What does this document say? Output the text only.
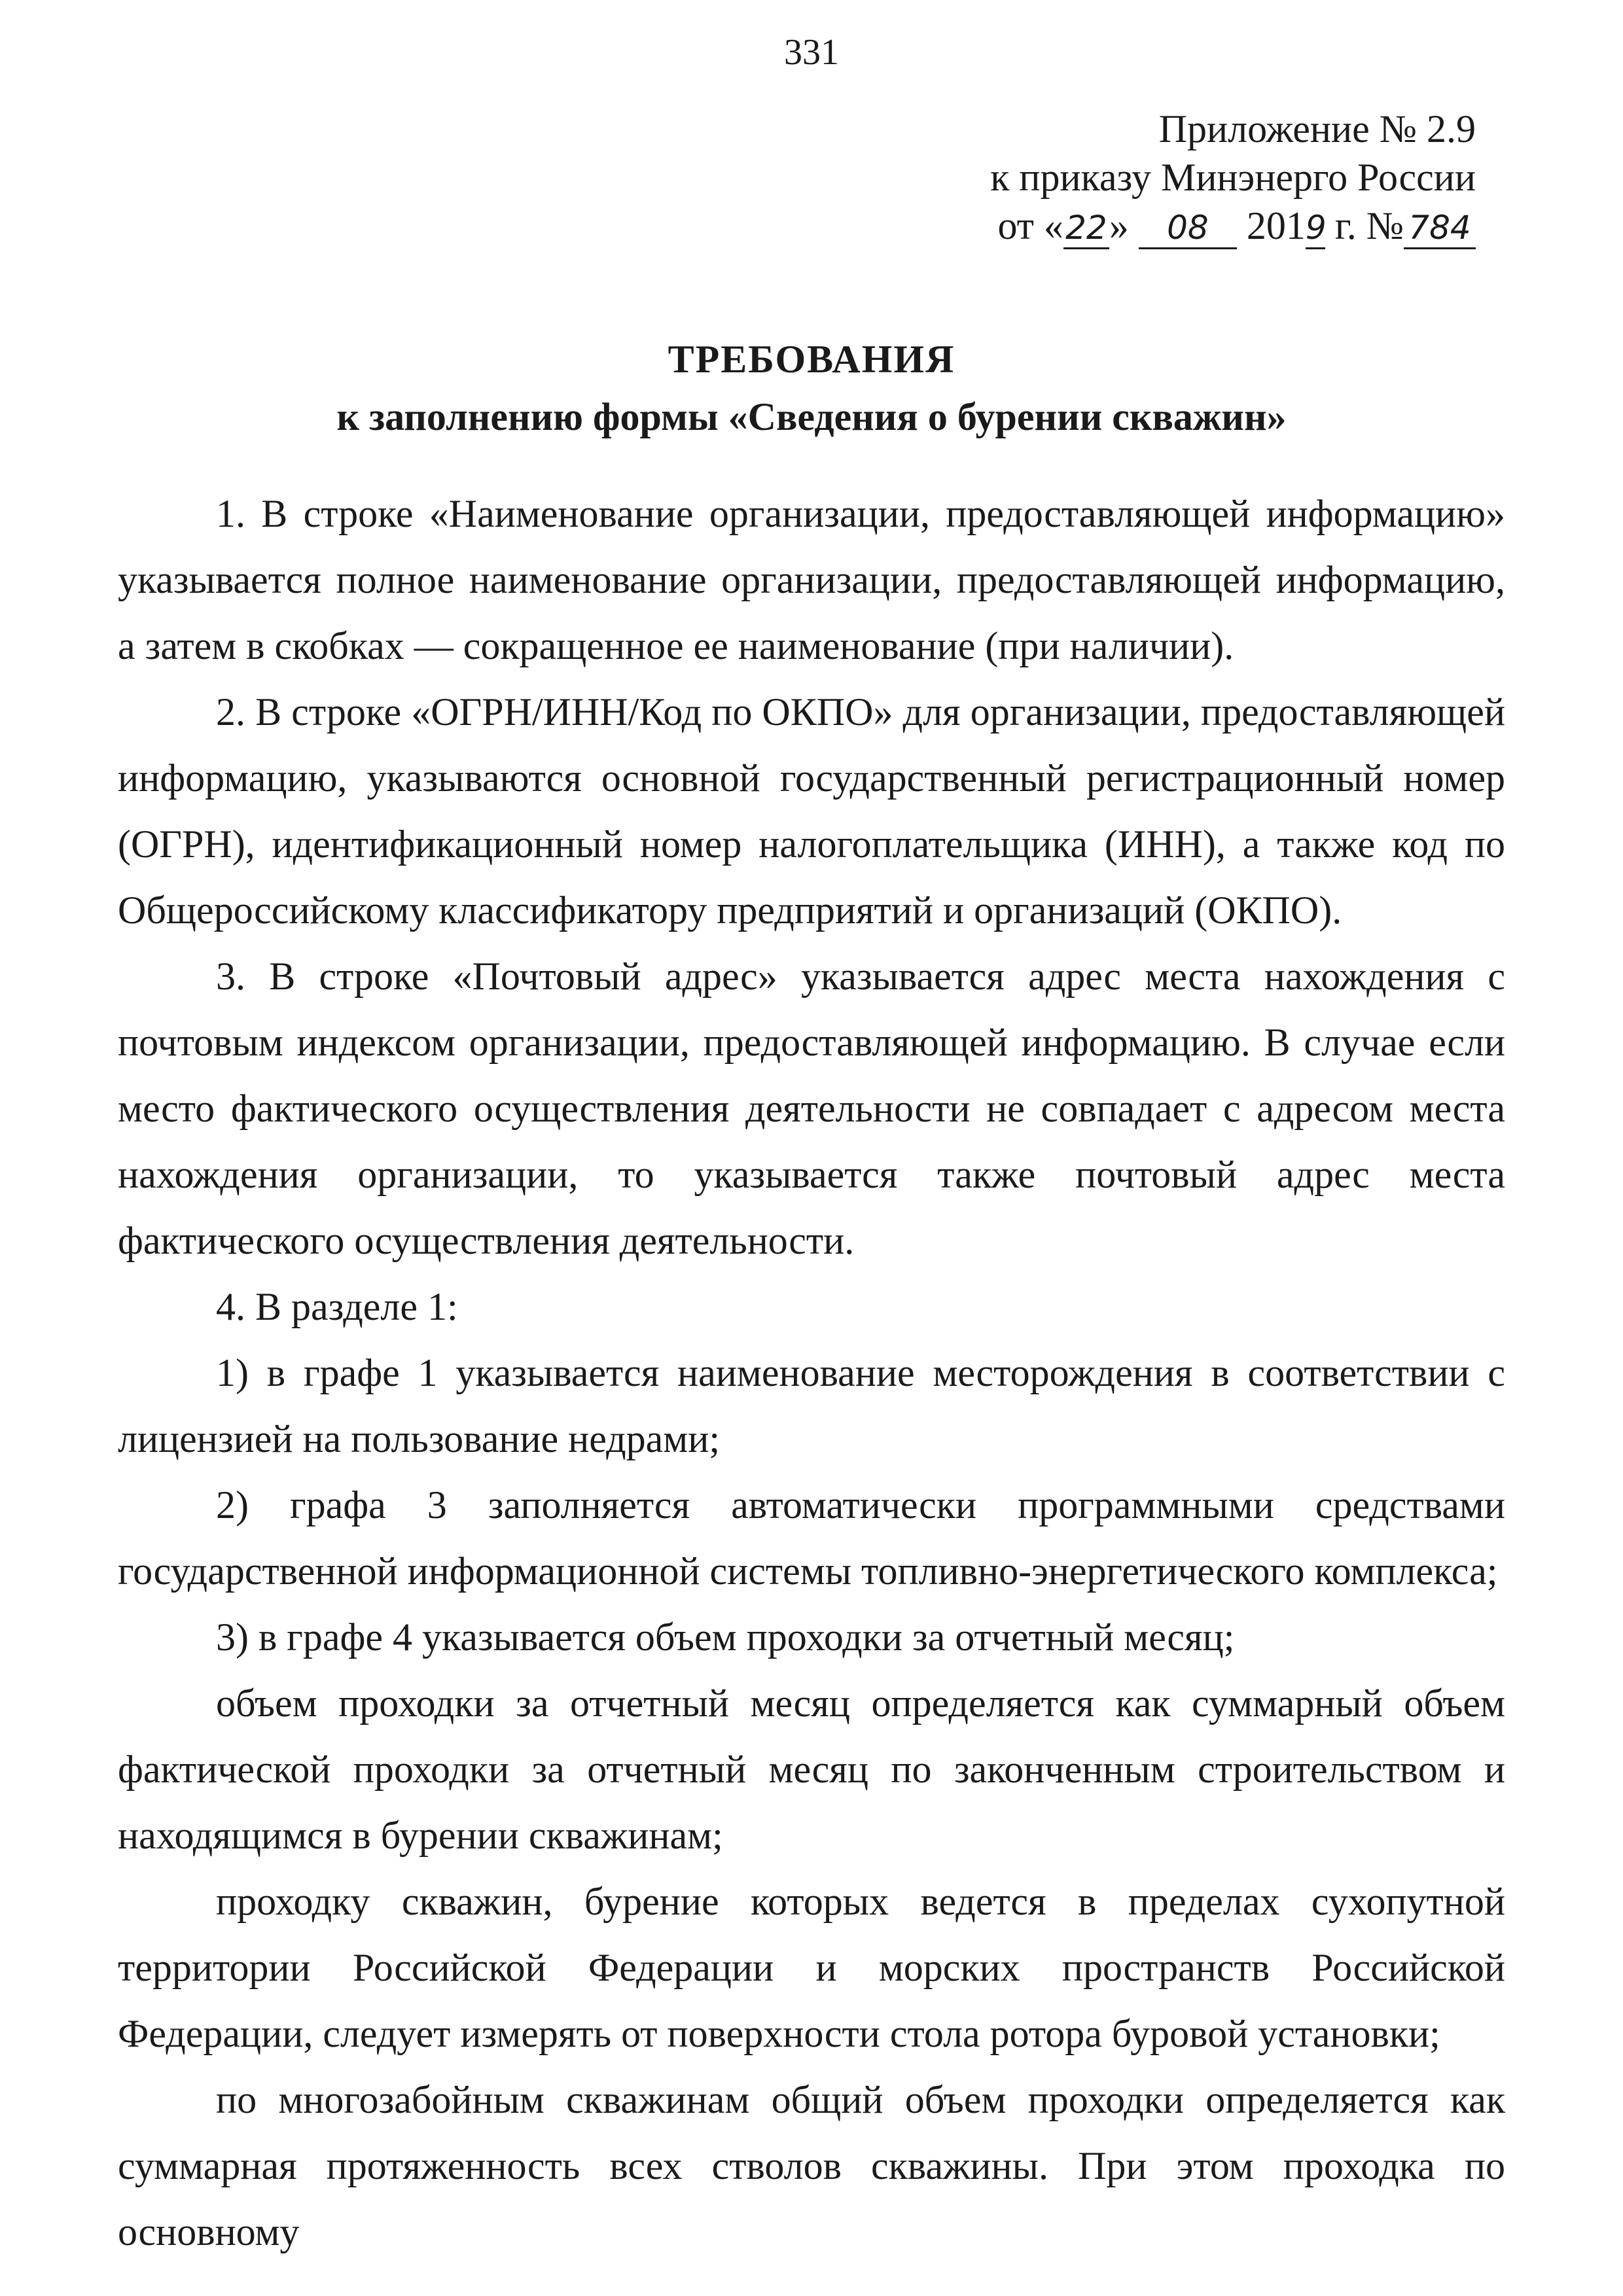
331
Приложение № 2.9
к приказу Минэнерго России
от «22» 08 2019 г. № 784
ТРЕБОВАНИЯ
к заполнению формы «Сведения о бурении скважин»

1. В строке «Наименование организации, предоставляющей информацию» указывается полное наименование организации, предоставляющей информацию, а затем в скобках — сокращенное ее наименование (при наличии).

2. В строке «ОГРН/ИНН/Код по ОКПО» для организации, предоставляющей информацию, указываются основной государственный регистрационный номер (ОГРН), идентификационный номер налогоплательщика (ИНН), а также код по Общероссийскому классификатору предприятий и организаций (ОКПО).

3. В строке «Почтовый адрес» указывается адрес места нахождения с почтовым индексом организации, предоставляющей информацию. В случае если место фактического осуществления деятельности не совпадает с адресом места нахождения организации, то указывается также почтовый адрес места фактического осуществления деятельности.

4. В разделе 1:

1) в графе 1 указывается наименование месторождения в соответствии с лицензией на пользование недрами;

2) графа 3 заполняется автоматически программными средствами государственной информационной системы топливно-энергетического комплекса;

3) в графе 4 указывается объем проходки за отчетный месяц;

объем проходки за отчетный месяц определяется как суммарный объем фактической проходки за отчетный месяц по законченным строительством и находящимся в бурении скважинам;

проходку скважин, бурение которых ведется в пределах сухопутной территории Российской Федерации и морских пространств Российской Федерации, следует измерять от поверхности стола ротора буровой установки;

по многозабойным скважинам общий объем проходки определяется как суммарная протяженность всех стволов скважины. При этом проходка по основному
